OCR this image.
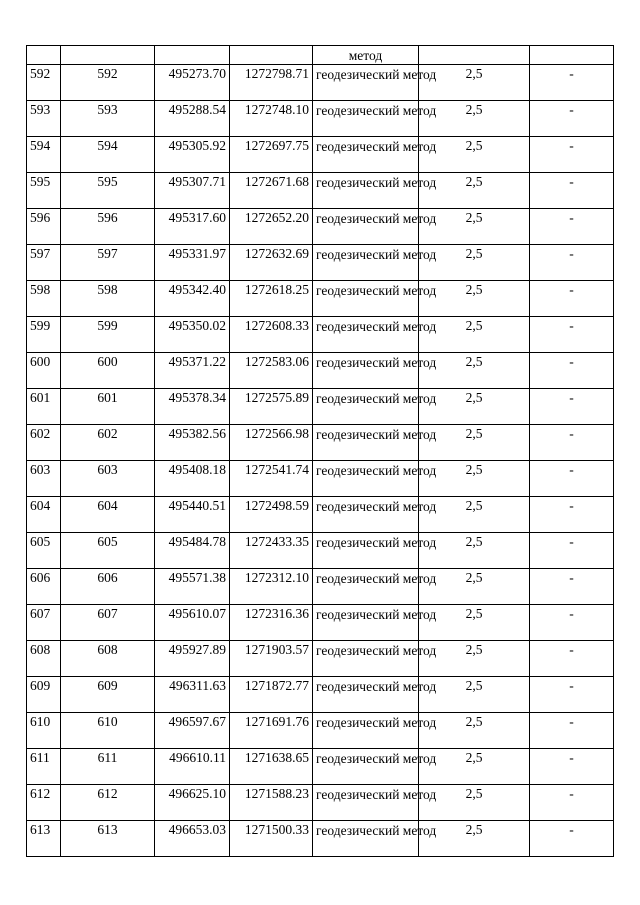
				метод		
592	592	495273.70	1272798.71	геодезический метод	2,5	-
593	593	495288.54	1272748.10	геодезический метод	2,5	-
594	594	495305.92	1272697.75	геодезический метод	2,5	-
595	595	495307.71	1272671.68	геодезический метод	2,5	-
596	596	495317.60	1272652.20	геодезический метод	2,5	-
597	597	495331.97	1272632.69	геодезический метод	2,5	-
598	598	495342.40	1272618.25	геодезический метод	2,5	-
599	599	495350.02	1272608.33	геодезический метод	2,5	-
600	600	495371.22	1272583.06	геодезический метод	2,5	-
601	601	495378.34	1272575.89	геодезический метод	2,5	-
602	602	495382.56	1272566.98	геодезический метод	2,5	-
603	603	495408.18	1272541.74	геодезический метод	2,5	-
604	604	495440.51	1272498.59	геодезический метод	2,5	-
605	605	495484.78	1272433.35	геодезический метод	2,5	-
606	606	495571.38	1272312.10	геодезический метод	2,5	-
607	607	495610.07	1272316.36	геодезический метод	2,5	-
608	608	495927.89	1271903.57	геодезический метод	2,5	-
609	609	496311.63	1271872.77	геодезический метод	2,5	-
610	610	496597.67	1271691.76	геодезический метод	2,5	-
611	611	496610.11	1271638.65	геодезический метод	2,5	-
612	612	496625.10	1271588.23	геодезический метод	2,5	-
613	613	496653.03	1271500.33	геодезический метод	2,5	-
